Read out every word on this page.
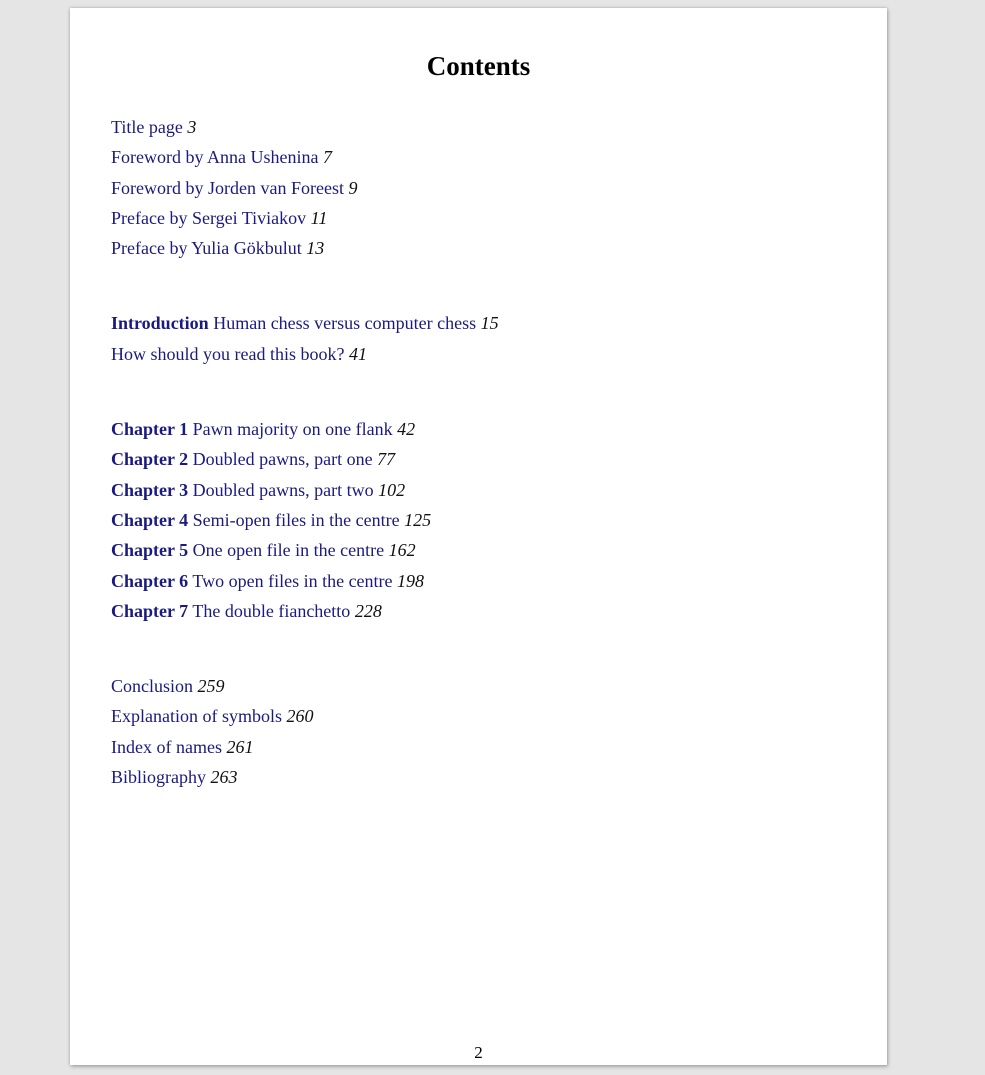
Contents
Title page 3
Foreword by Anna Ushenina 7
Foreword by Jorden van Foreest 9
Preface by Sergei Tiviakov 11
Preface by Yulia Gökbulut 13
Introduction Human chess versus computer chess 15
How should you read this book? 41
Chapter 1 Pawn majority on one flank 42
Chapter 2 Doubled pawns, part one 77
Chapter 3 Doubled pawns, part two 102
Chapter 4 Semi-open files in the centre 125
Chapter 5 One open file in the centre 162
Chapter 6 Two open files in the centre 198
Chapter 7 The double fianchetto 228
Conclusion 259
Explanation of symbols 260
Index of names 261
Bibliography 263
2
